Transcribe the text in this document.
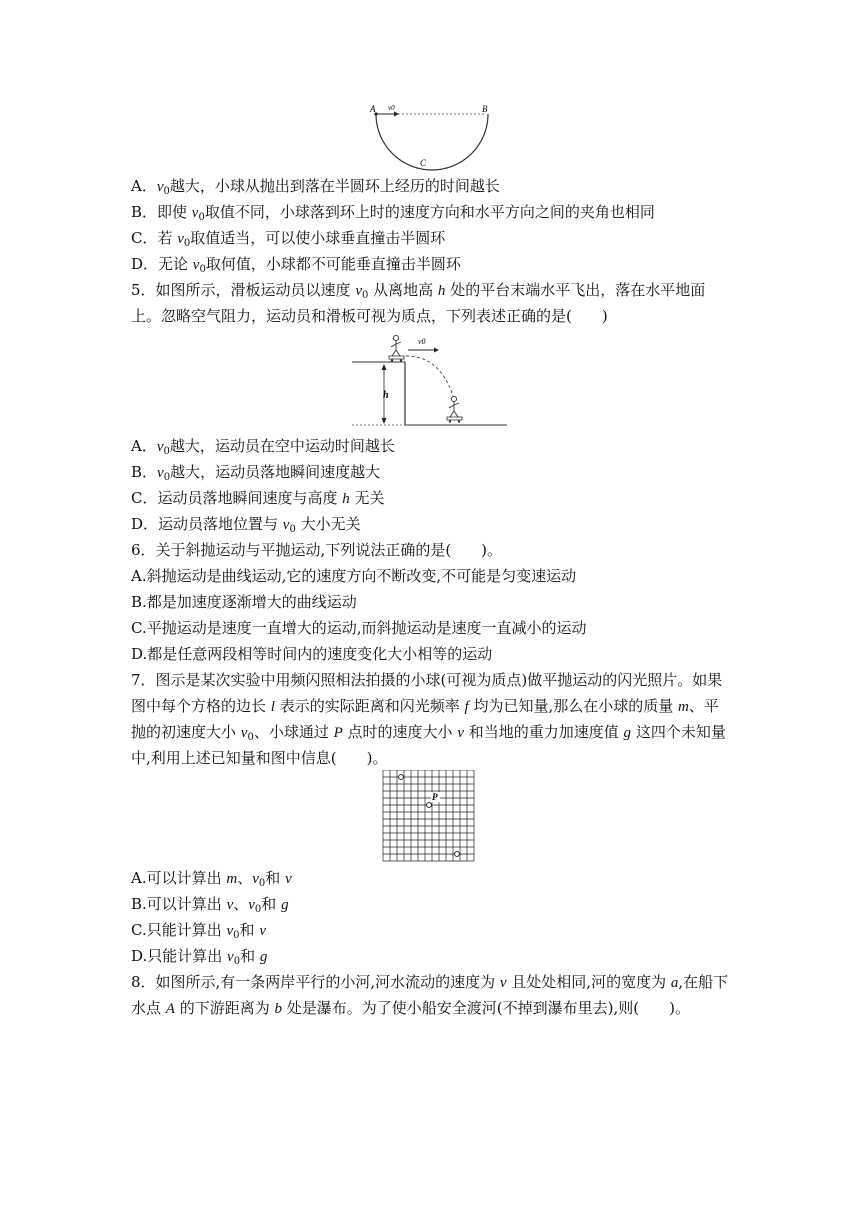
A v0	B
C
A．$v_0$越大，小球从抛出到落在半圆环上经历的时间越长
B．即使 $v_0$取值不同，小球落到环上时的速度方向和水平方向之间的夹角也相同
C．若 $v_0$取值适当，可以使小球垂直撞击半圆环
D．无论 $v_0$取何值，小球都不可能垂直撞击半圆环
5．如图所示，滑板运动员以速度 $v_0$ 从离地高 h 处的平台末端水平飞出，落在水平地面
上。忽略空气阻力，运动员和滑板可视为质点，下列表述正确的是(　　)
h
v0
A．$v_0$越大，运动员在空中运动时间越长
B．$v_0$越大，运动员落地瞬间速度越大
C．运动员落地瞬间速度与高度 h 无关
D．运动员落地位置与 $v_0$ 大小无关
6．关于斜抛运动与平抛运动,下列说法正确的是(　　)。
A.斜抛运动是曲线运动,它的速度方向不断改变,不可能是匀变速运动
B.都是加速度逐渐增大的曲线运动
C.平抛运动是速度一直增大的运动,而斜抛运动是速度一直减小的运动
D.都是任意两段相等时间内的速度变化大小相等的运动
7．图示是某次实验中用频闪照相法拍摄的小球(可视为质点)做平抛运动的闪光照片。如果
图中每个方格的边长 l 表示的实际距离和闪光频率 f 均为已知量,那么在小球的质量 m、平
抛的初速度大小 $v_0$、小球通过 P 点时的速度大小 v 和当地的重力加速度值 g 这四个未知量
中,利用上述已知量和图中信息(　　)。
P
A.可以计算出 m、$v_0$和 v
B.可以计算出 v、$v_0$和 g
C.只能计算出 $v_0$和 v
D.只能计算出 $v_0$和 g
8．如图所示,有一条两岸平行的小河,河水流动的速度为 v 且处处相同,河的宽度为 a,在船下
水点 A 的下游距离为 b 处是瀑布。为了使小船安全渡河(不掉到瀑布里去),则(　　)。
